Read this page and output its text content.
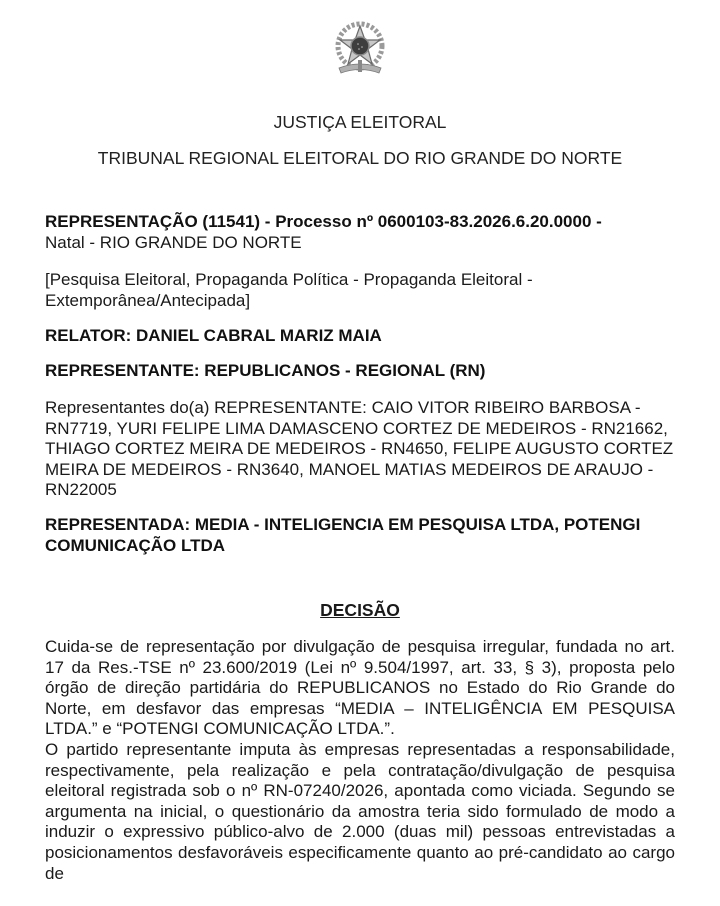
JUSTIÇA ELEITORAL
TRIBUNAL REGIONAL ELEITORAL DO RIO GRANDE DO NORTE
REPRESENTAÇÃO (11541) - Processo nº 0600103-83.2026.6.20.0000 -
Natal - RIO GRANDE DO NORTE
[Pesquisa Eleitoral, Propaganda Política - Propaganda Eleitoral - Extemporânea/Antecipada]
RELATOR: DANIEL CABRAL MARIZ MAIA
REPRESENTANTE: REPUBLICANOS - REGIONAL (RN)
Representantes do(a) REPRESENTANTE: CAIO VITOR RIBEIRO BARBOSA - RN7719, YURI FELIPE LIMA DAMASCENO CORTEZ DE MEDEIROS - RN21662, THIAGO CORTEZ MEIRA DE MEDEIROS - RN4650, FELIPE AUGUSTO CORTEZ MEIRA DE MEDEIROS - RN3640, MANOEL MATIAS MEDEIROS DE ARAUJO - RN22005
REPRESENTADA: MEDIA - INTELIGENCIA EM PESQUISA LTDA, POTENGI COMUNICAÇÃO LTDA
DECISÃO
Cuida-se de representação por divulgação de pesquisa irregular, fundada no art. 17 da Res.-TSE nº 23.600/2019 (Lei nº 9.504/1997, art. 33, § 3), proposta pelo órgão de direção partidária do REPUBLICANOS no Estado do Rio Grande do Norte, em desfavor das empresas “MEDIA – INTELIGÊNCIA EM PESQUISA LTDA.” e “POTENGI COMUNICAÇÃO LTDA.”.
O partido representante imputa às empresas representadas a responsabilidade, respectivamente, pela realização e pela contratação/divulgação de pesquisa eleitoral registrada sob o nº RN-07240/2026, apontada como viciada. Segundo se argumenta na inicial, o questionário da amostra teria sido formulado de modo a induzir o expressivo público-alvo de 2.000 (duas mil) pessoas entrevistadas a posicionamentos desfavoráveis especificamente quanto ao pré-candidato ao cargo de
